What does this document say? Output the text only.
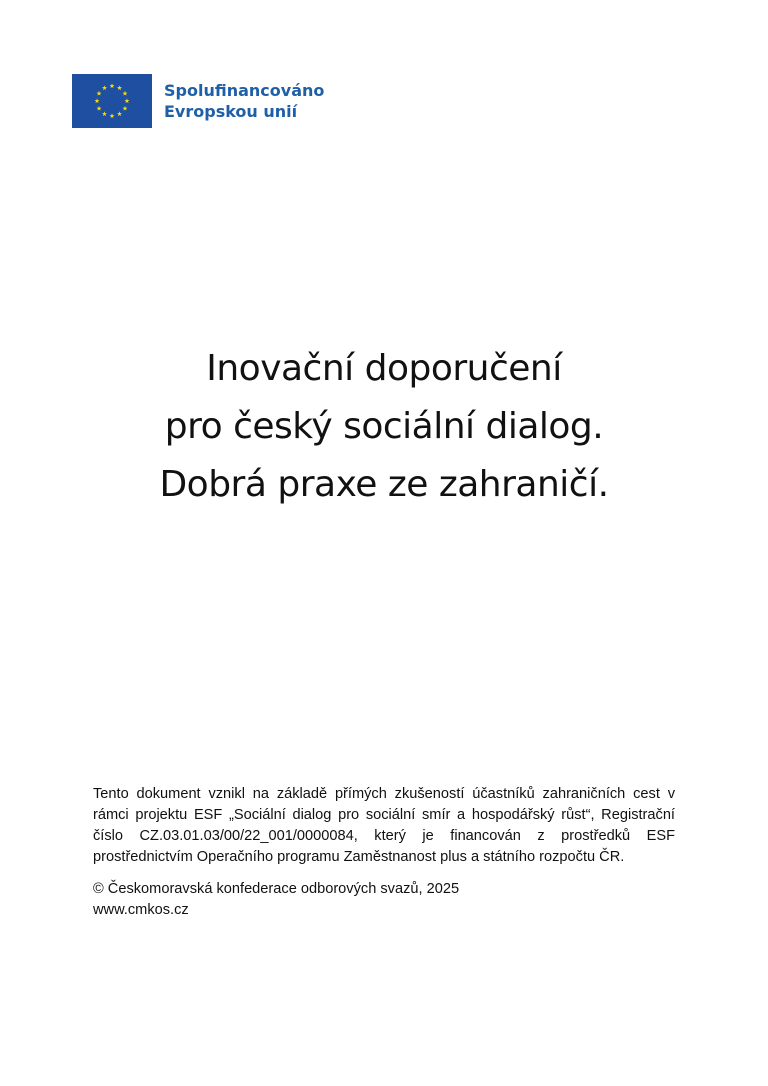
Spolufinancováno
Evropskou unií
Inovační doporučení
pro český sociální dialog.
Dobrá praxe ze zahraničí.

Tento dokument vznikl na základě přímých zkušeností účastníků zahraničních cest v rámci projektu ESF „Sociální dialog pro sociální smír a hospodářský růst“, Registrační číslo CZ.03.01.03/00/22_001/0000084, který je financován z prostředků ESF prostřednictvím Operačního programu Zaměstnanost plus a státního rozpočtu ČR.

© Českomoravská konfederace odborových svazů, 2025
www.cmkos.cz
